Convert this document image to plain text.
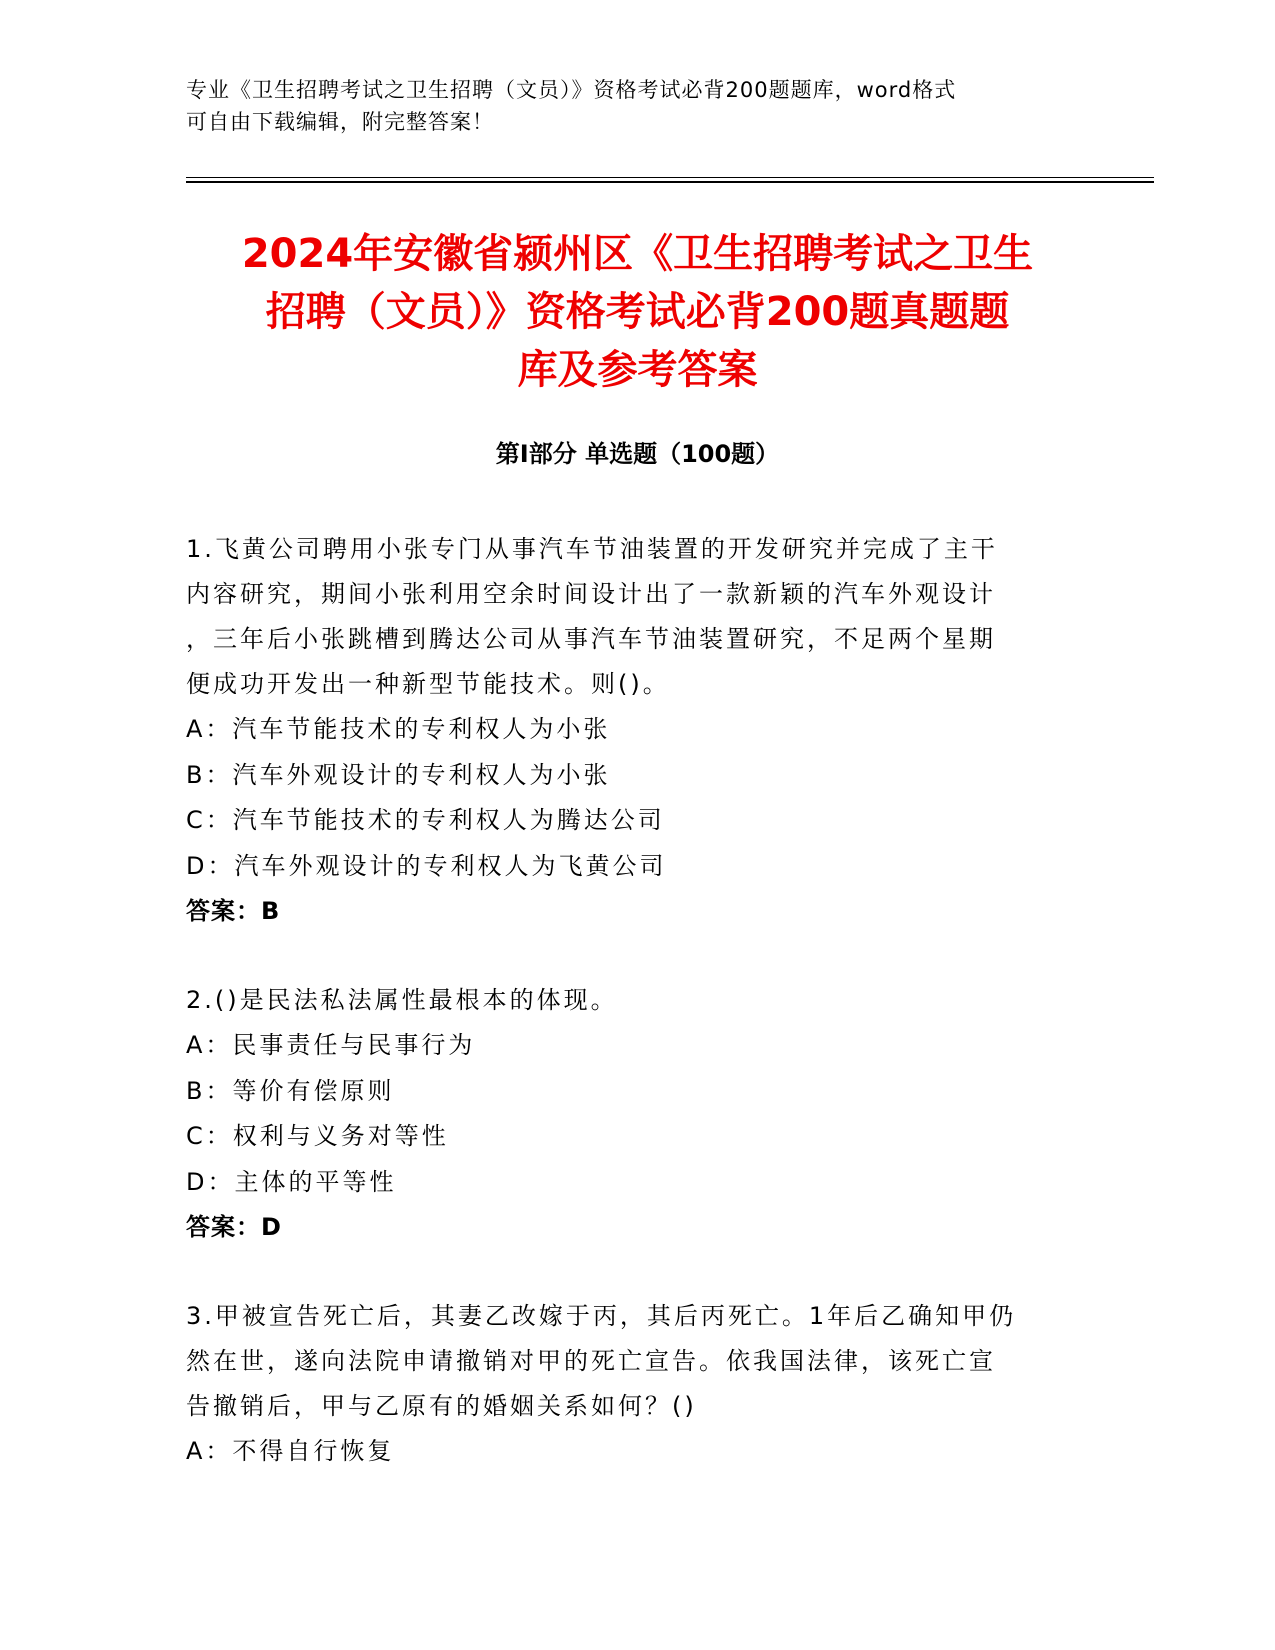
专业《卫生招聘考试之卫生招聘（文员）》资格考试必背200题题库，word格式
可自由下载编辑，附完整答案！
2024年安徽省颍州区《卫生招聘考试之卫生
招聘（文员）》资格考试必背200题真题题
库及参考答案
第Ⅰ部分 单选题（100题）

1.飞黄公司聘用小张专门从事汽车节油装置的开发研究并完成了主干

内容研究，期间小张利用空余时间设计出了一款新颖的汽车外观设计

，三年后小张跳槽到腾达公司从事汽车节油装置研究，不足两个星期

便成功开发出一种新型节能技术。则()。

A：汽车节能技术的专利权人为小张

B：汽车外观设计的专利权人为小张

C：汽车节能技术的专利权人为腾达公司

D：汽车外观设计的专利权人为飞黄公司

答案：B

2.()是民法私法属性最根本的体现。

A：民事责任与民事行为

B：等价有偿原则

C：权利与义务对等性

D：主体的平等性

答案：D

3.甲被宣告死亡后，其妻乙改嫁于丙，其后丙死亡。1年后乙确知甲仍

然在世，遂向法院申请撤销对甲的死亡宣告。依我国法律，该死亡宣

告撤销后，甲与乙原有的婚姻关系如何？()

A：不得自行恢复
